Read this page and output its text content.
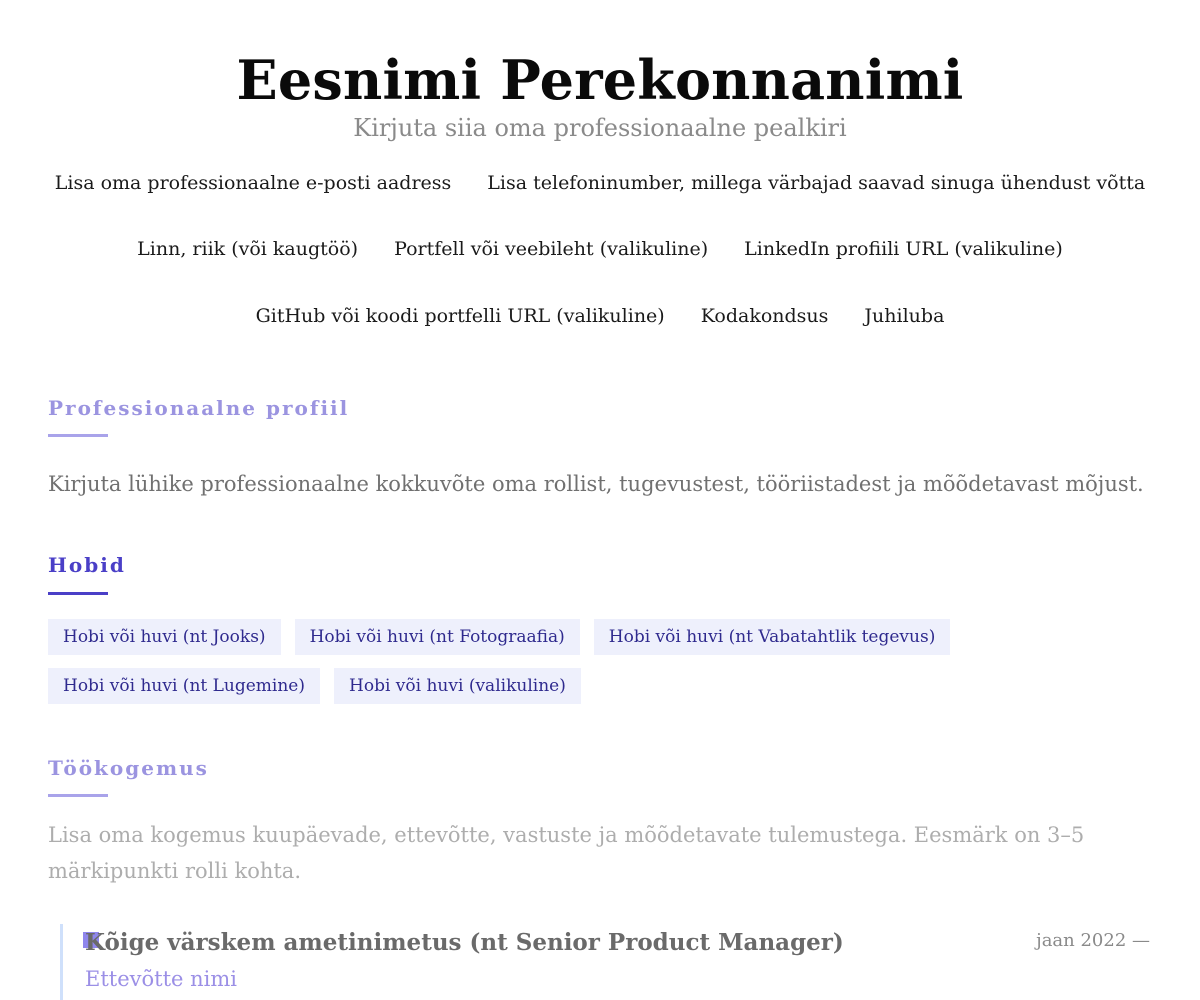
Eesnimi Perekonnanimi
Kirjuta siia oma professionaalne pealkiri
Lisa oma professionaalne e-posti aadress Lisa telefoninumber, millega värbajad saavad sinuga ühendust võtta
Linn, riik (või kaugtöö) Portfell või veebileht (valikuline) LinkedIn profiili URL (valikuline)
GitHub või koodi portfelli URL (valikuline) Kodakondsus Juhiluba
Professionaalne profiil
Kirjuta lühike professionaalne kokkuvõte oma rollist, tugevustest, tööriistadest ja mõõdetavast mõjust.
Hobid
Hobi või huvi (nt Jooks)	Hobi või huvi (nt Fotograafia)	Hobi või huvi (nt Vabatahtlik tegevus)
Hobi või huvi (nt Lugemine)	Hobi või huvi (valikuline)
Töökogemus
Lisa oma kogemus kuupäevade, ettevõtte, vastuste ja mõõdetavate tulemustega. Eesmärk on 3–5 märkipunkti rolli kohta.
Kõige värskem ametinimetus (nt Senior Product Manager)	jaan 2022 —
Ettevõtte nimi
